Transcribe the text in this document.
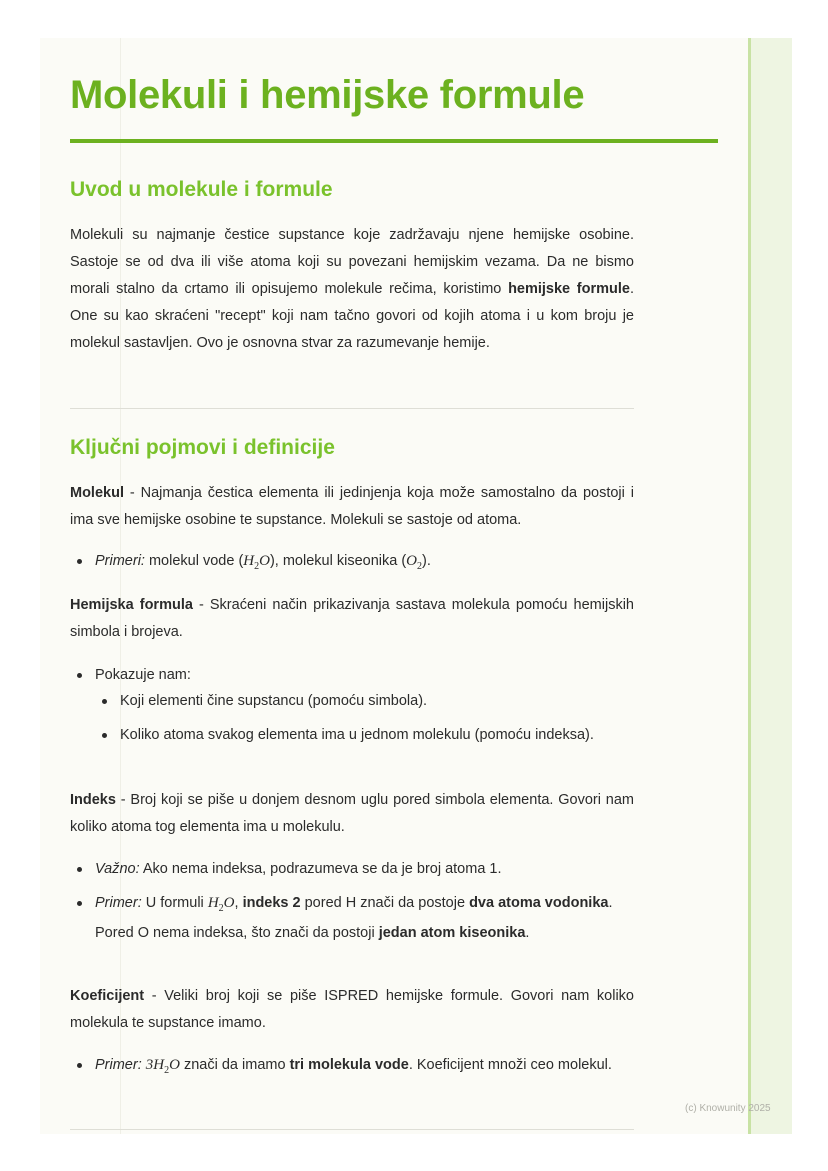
Molekuli i hemijske formule
Uvod u molekule i formule

Molekuli su najmanje čestice supstance koje zadržavaju njene hemijske osobine. Sastoje se od dva ili više atoma koji su povezani hemijskim vezama. Da ne bismo morali stalno da crtamo ili opisujemo molekule rečima, koristimo hemijske formule. One su kao skraćeni "recept" koji nam tačno govori od kojih atoma i u kom broju je molekul sastavljen. Ovo je osnovna stvar za razumevanje hemije.

Ključni pojmovi i definicije

Molekul - Najmanja čestica elementa ili jedinjenja koja može samostalno da postoji i ima sve hemijske osobine te supstance. Molekuli se sastoje od atoma.

Primeri: molekul vode $(H_2O)$, molekul kiseonika $(O_2)$.

Hemijska formula - Skraćeni način prikazivanja sastava molekula pomoću hemijskih simbola i brojeva.

Pokazuje nam:
Koji elementi čine supstancu (pomoću simbola).
Koliko atoma svakog elementa ima u jednom molekulu (pomoću indeksa).

Indeks - Broj koji se piše u donjem desnom uglu pored simbola elementa. Govori nam koliko atoma tog elementa ima u molekulu.

Važno: Ako nema indeksa, podrazumeva se da je broj atoma 1.
Primer: U formuli $H_2O$, indeks 2 pored H znači da postoje dva atoma vodonika. Pored O nema indeksa, što znači da postoji jedan atom kiseonika.

Koeficijent - Veliki broj koji se piše ISPRED hemijske formule. Govori nam koliko molekula te supstance imamo.

Primer: $3H_2O$ znači da imamo tri molekula vode. Koeficijent množi ceo molekul.
(c) Knowunity 2025
